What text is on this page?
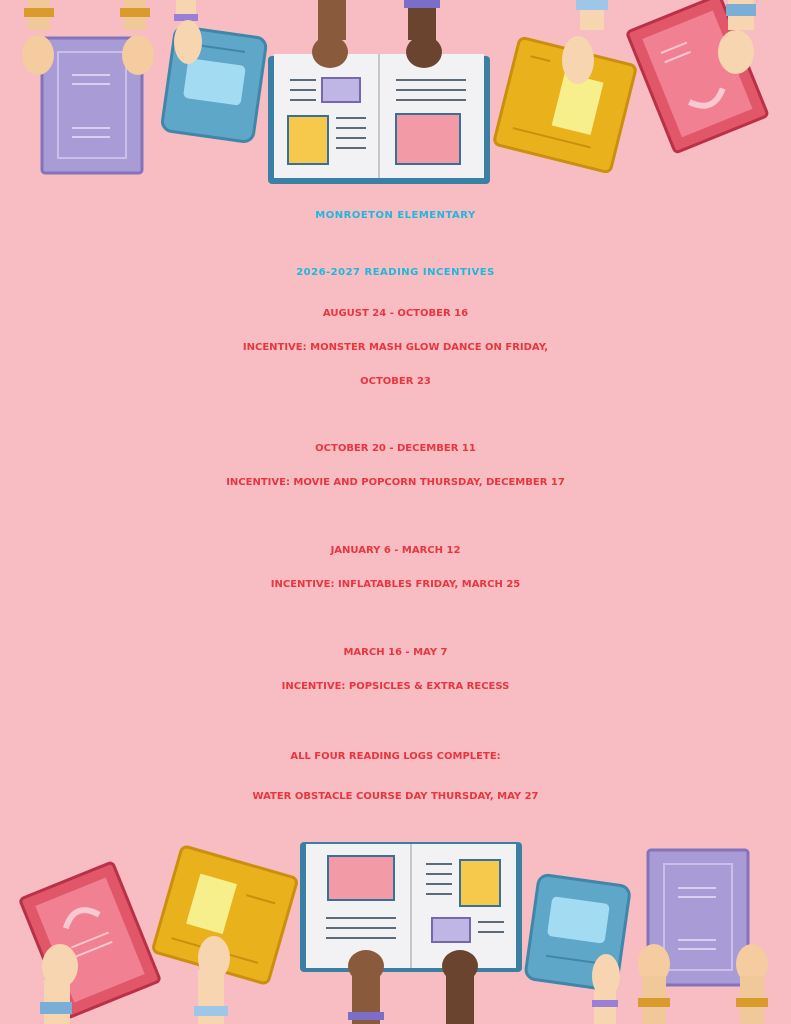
MONROETON ELEMENTARY
2026-2027 READING INCENTIVES
AUGUST 24 - OCTOBER 16
INCENTIVE: MONSTER MASH GLOW DANCE ON FRIDAY,
OCTOBER 23
OCTOBER 20 - DECEMBER 11
INCENTIVE: MOVIE AND POPCORN THURSDAY, DECEMBER 17
JANUARY 6 - MARCH 12
INCENTIVE: INFLATABLES FRIDAY, MARCH 25
MARCH 16 - MAY 7
INCENTIVE: POPSICLES & EXTRA RECESS
ALL FOUR READING LOGS COMPLETE:
WATER OBSTACLE COURSE DAY THURSDAY, MAY 27
